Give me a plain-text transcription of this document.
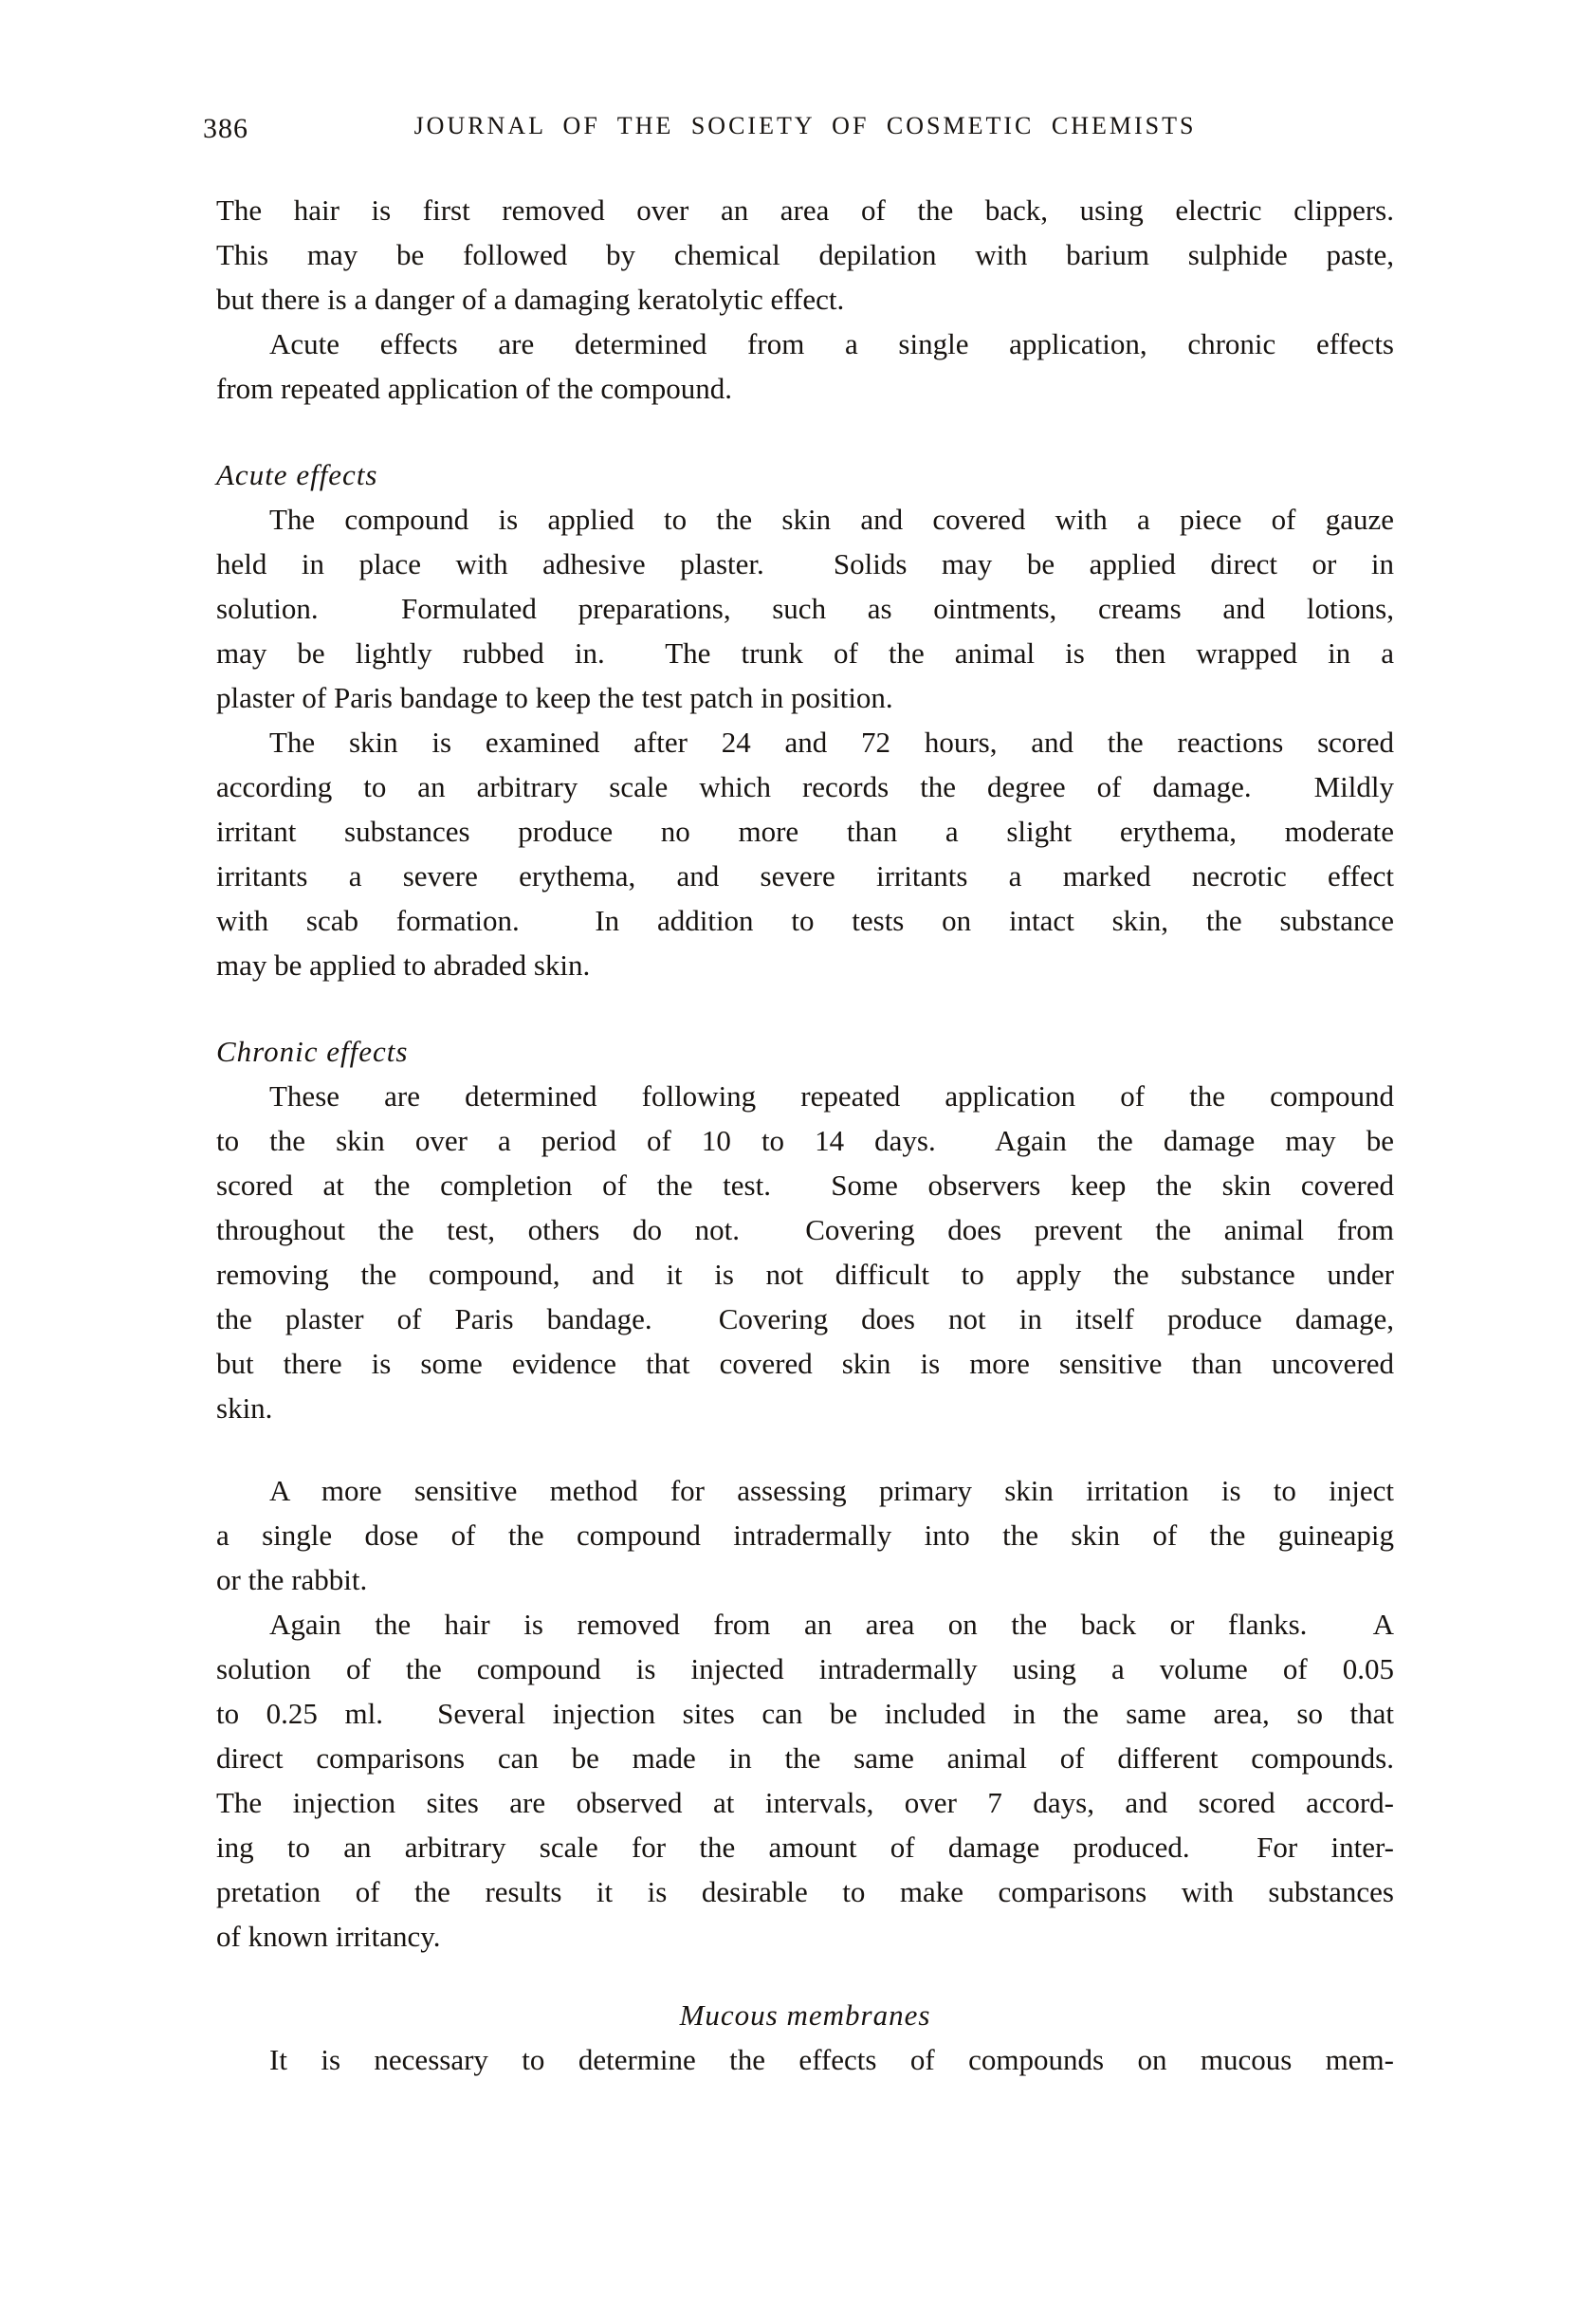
386	JOURNAL OF THE SOCIETY OF COSMETIC CHEMISTS
The hair is first removed over an area of the back, using electric clippers.
This may be followed by chemical depilation with barium sulphide paste,
but there is a danger of a damaging keratolytic effect.
Acute effects are determined from a single application, chronic effects
from repeated application of the compound.
Acute effects
The compound is applied to the skin and covered with a piece of gauze
held in place with adhesive plaster.  Solids may be applied direct or in
solution.  Formulated preparations, such as ointments, creams and lotions,
may be lightly rubbed in.  The trunk of the animal is then wrapped in a
plaster of Paris bandage to keep the test patch in position.
The skin is examined after 24 and 72 hours, and the reactions scored
according to an arbitrary scale which records the degree of damage.  Mildly
irritant substances produce no more than a slight erythema, moderate
irritants a severe erythema, and severe irritants a marked necrotic effect
with scab formation.  In addition to tests on intact skin, the substance
may be applied to abraded skin.
Chronic effects
These are determined following repeated application of the compound
to the skin over a period of 10 to 14 days.  Again the damage may be
scored at the completion of the test.  Some observers keep the skin covered
throughout the test, others do not.  Covering does prevent the animal from
removing the compound, and it is not difficult to apply the substance under
the plaster of Paris bandage.  Covering does not in itself produce damage,
but there is some evidence that covered skin is more sensitive than uncovered
skin.
A more sensitive method for assessing primary skin irritation is to inject
a single dose of the compound intradermally into the skin of the guineapig
or the rabbit.
Again the hair is removed from an area on the back or flanks.  A
solution of the compound is injected intradermally using a volume of 0.05
to 0.25 ml.  Several injection sites can be included in the same area, so that
direct comparisons can be made in the same animal of different compounds.
The injection sites are observed at intervals, over 7 days, and scored accord-
ing to an arbitrary scale for the amount of damage produced.  For inter-
pretation of the results it is desirable to make comparisons with substances
of known irritancy.
Mucous membranes
It is necessary to determine the effects of compounds on mucous mem-
